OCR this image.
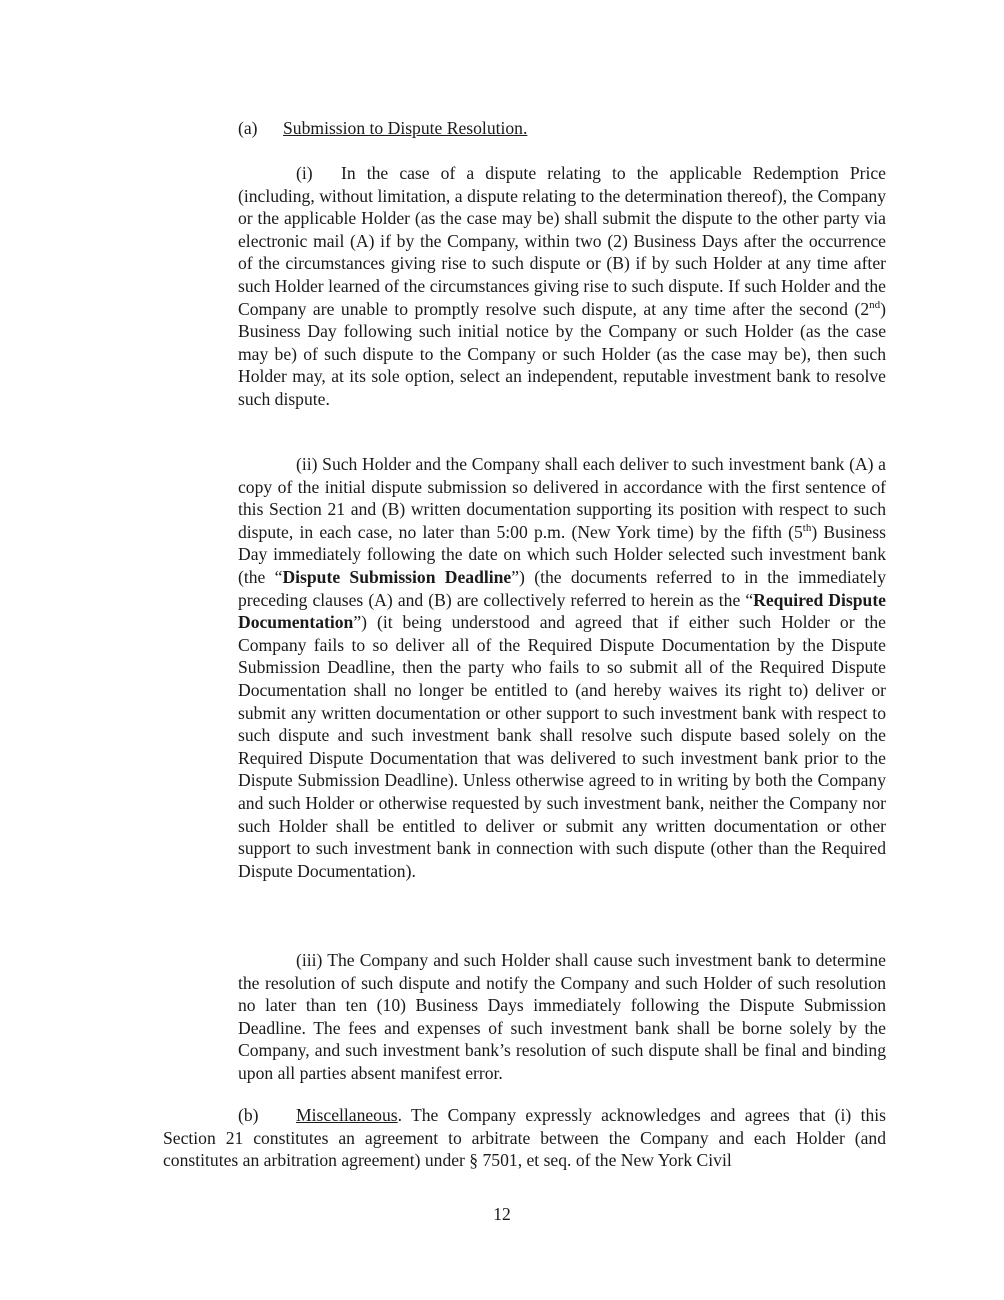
(a) Submission to Dispute Resolution.

(i) In the case of a dispute relating to the applicable Redemption Price (including, without limitation, a dispute relating to the determination thereof), the Company or the applicable Holder (as the case may be) shall submit the dispute to the other party via electronic mail (A) if by the Company, within two (2) Business Days after the occurrence of the circumstances giving rise to such dispute or (B) if by such Holder at any time after such Holder learned of the circumstances giving rise to such dispute. If such Holder and the Company are unable to promptly resolve such dispute, at any time after the second (2nd) Business Day following such initial notice by the Company or such Holder (as the case may be) of such dispute to the Company or such Holder (as the case may be), then such Holder may, at its sole option, select an independent, reputable investment bank to resolve such dispute.

(ii) Such Holder and the Company shall each deliver to such investment bank (A) a copy of the initial dispute submission so delivered in accordance with the first sentence of this Section 21 and (B) written documentation supporting its position with respect to such dispute, in each case, no later than 5:00 p.m. (New York time) by the fifth (5th) Business Day immediately following the date on which such Holder selected such investment bank (the “Dispute Submission Deadline”) (the documents referred to in the immediately preceding clauses (A) and (B) are collectively referred to herein as the “Required Dispute Documentation”) (it being understood and agreed that if either such Holder or the Company fails to so deliver all of the Required Dispute Documentation by the Dispute Submission Deadline, then the party who fails to so submit all of the Required Dispute Documentation shall no longer be entitled to (and hereby waives its right to) deliver or submit any written documentation or other support to such investment bank with respect to such dispute and such investment bank shall resolve such dispute based solely on the Required Dispute Documentation that was delivered to such investment bank prior to the Dispute Submission Deadline). Unless otherwise agreed to in writing by both the Company and such Holder or otherwise requested by such investment bank, neither the Company nor such Holder shall be entitled to deliver or submit any written documentation or other support to such investment bank in connection with such dispute (other than the Required Dispute Documentation).

(iii) The Company and such Holder shall cause such investment bank to determine the resolution of such dispute and notify the Company and such Holder of such resolution no later than ten (10) Business Days immediately following the Dispute Submission Deadline. The fees and expenses of such investment bank shall be borne solely by the Company, and such investment bank’s resolution of such dispute shall be final and binding upon all parties absent manifest error.

(b) Miscellaneous. The Company expressly acknowledges and agrees that (i) this Section 21 constitutes an agreement to arbitrate between the Company and each Holder (and constitutes an arbitration agreement) under § 7501, et seq. of the New York Civil

12
